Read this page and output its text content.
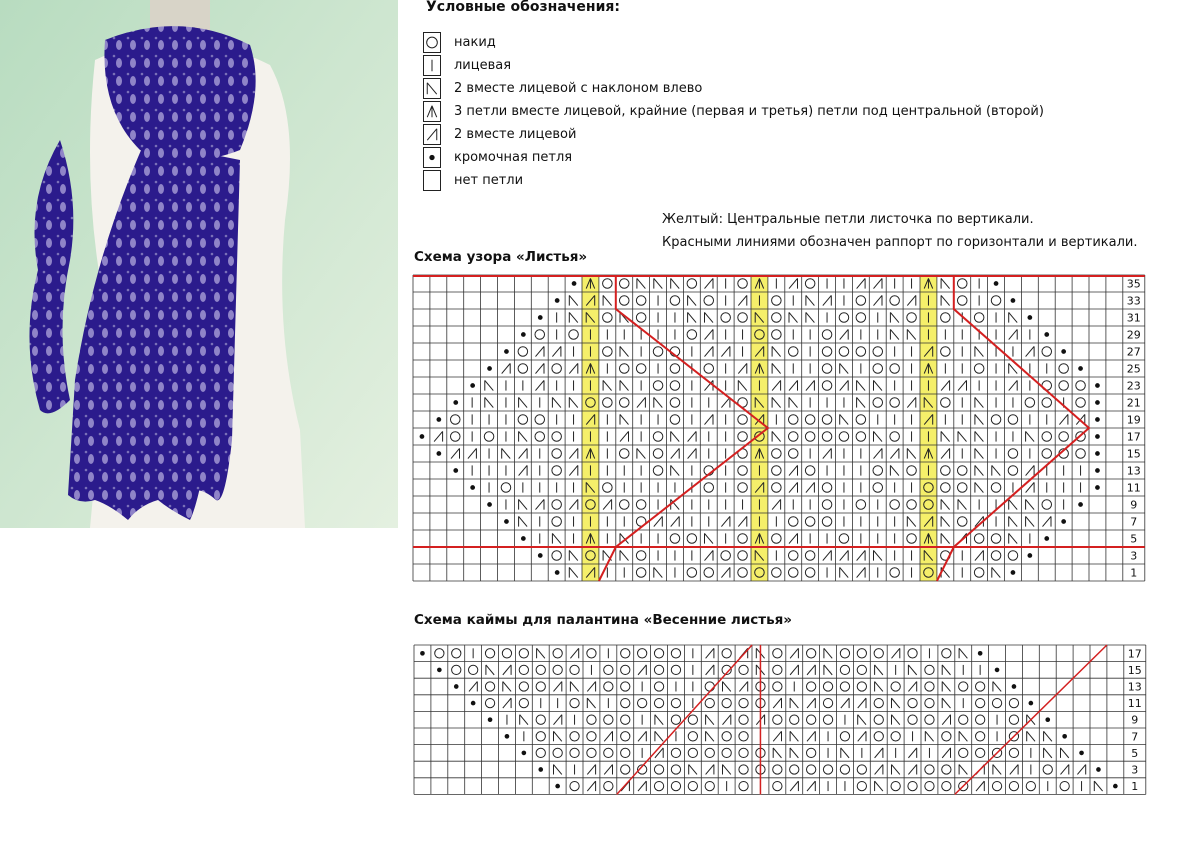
Условные обозначения:
накид
лицевая
2 вместе лицевой с наклоном влево
3 петли вместе лицевой, крайние (первая и третья) петли под центральной (второй)
2 вместе лицевой
кромочная петля
нет петли
Желтый: Центральные петли листочка по вертикали.
Красными линиями обозначен раппорт по горизонтали и вертикали.
Схема узора «Листья»
35
33
31
29
27
25
23
21
19
17
15
13
11
9
7
5
3
1
Схема каймы для палантина «Весенние листья»
17
15
13
11
9
7
5
3
1
